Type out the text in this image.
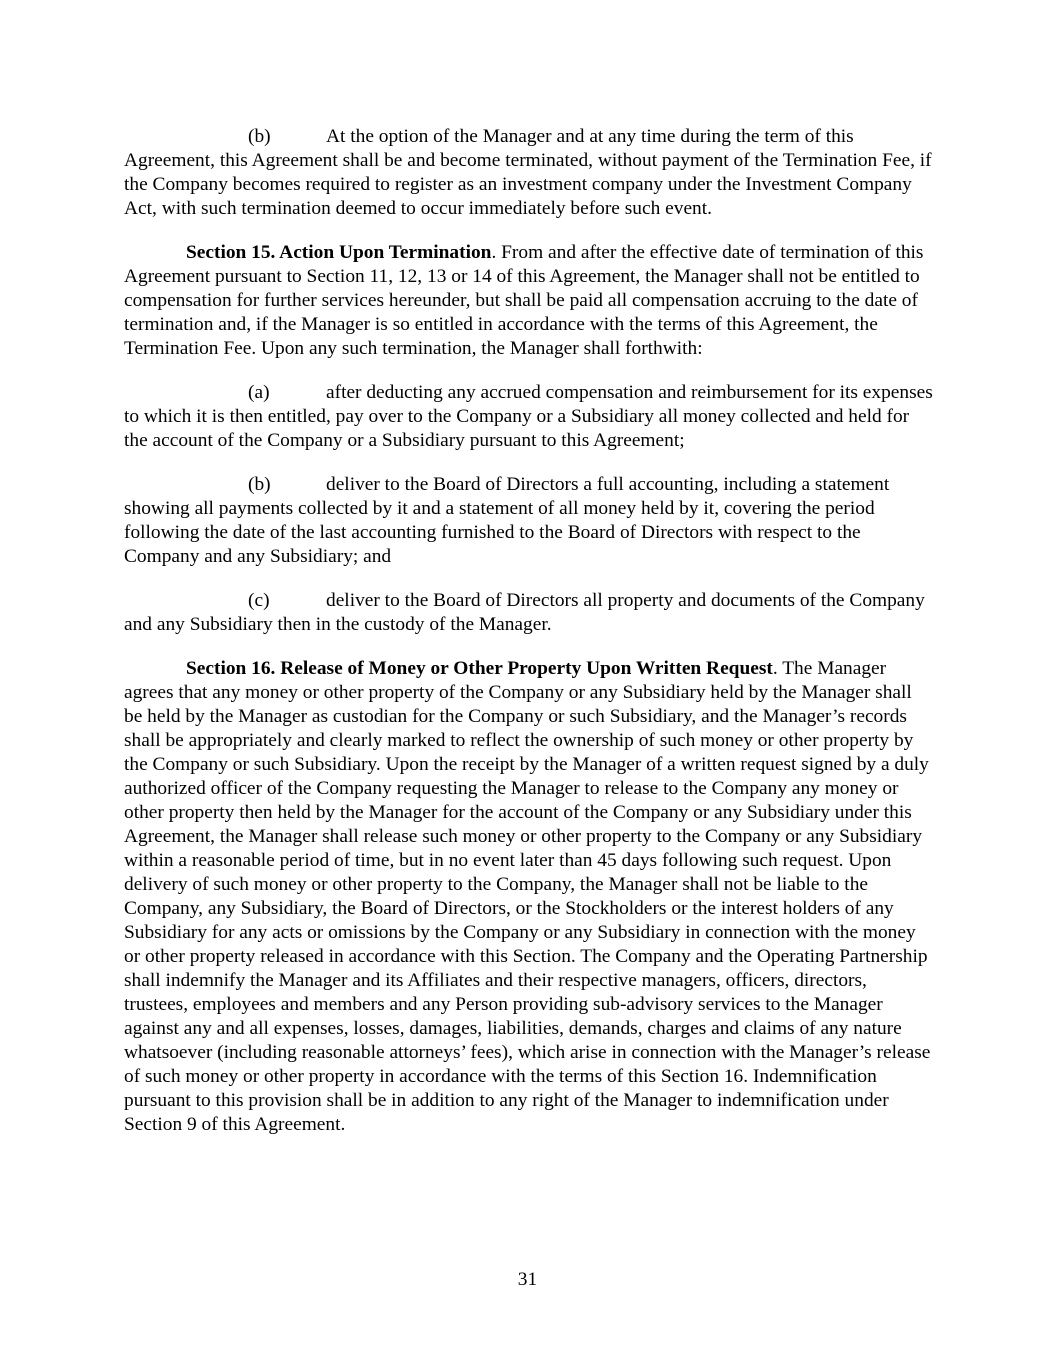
(b)	At the option of the Manager and at any time during the term of this Agreement, this Agreement shall be and become terminated, without payment of the Termination Fee, if the Company becomes required to register as an investment company under the Investment Company Act, with such termination deemed to occur immediately before such event.

Section 15. Action Upon Termination. From and after the effective date of termination of this Agreement pursuant to Section 11, 12, 13 or 14 of this Agreement, the Manager shall not be entitled to compensation for further services hereunder, but shall be paid all compensation accruing to the date of termination and, if the Manager is so entitled in accordance with the terms of this Agreement, the Termination Fee. Upon any such termination, the Manager shall forthwith:

(a)	after deducting any accrued compensation and reimbursement for its expenses to which it is then entitled, pay over to the Company or a Subsidiary all money collected and held for the account of the Company or a Subsidiary pursuant to this Agreement;

(b)	deliver to the Board of Directors a full accounting, including a statement showing all payments collected by it and a statement of all money held by it, covering the period following the date of the last accounting furnished to the Board of Directors with respect to the Company and any Subsidiary; and

(c)	deliver to the Board of Directors all property and documents of the Company and any Subsidiary then in the custody of the Manager.

Section 16. Release of Money or Other Property Upon Written Request. The Manager agrees that any money or other property of the Company or any Subsidiary held by the Manager shall be held by the Manager as custodian for the Company or such Subsidiary, and the Manager’s records shall be appropriately and clearly marked to reflect the ownership of such money or other property by the Company or such Subsidiary. Upon the receipt by the Manager of a written request signed by a duly authorized officer of the Company requesting the Manager to release to the Company any money or other property then held by the Manager for the account of the Company or any Subsidiary under this Agreement, the Manager shall release such money or other property to the Company or any Subsidiary within a reasonable period of time, but in no event later than 45 days following such request. Upon delivery of such money or other property to the Company, the Manager shall not be liable to the Company, any Subsidiary, the Board of Directors, or the Stockholders or the interest holders of any Subsidiary for any acts or omissions by the Company or any Subsidiary in connection with the money or other property released in accordance with this Section. The Company and the Operating Partnership shall indemnify the Manager and its Affiliates and their respective managers, officers, directors, trustees, employees and members and any Person providing sub-advisory services to the Manager against any and all expenses, losses, damages, liabilities, demands, charges and claims of any nature whatsoever (including reasonable attorneys’ fees), which arise in connection with the Manager’s release of such money or other property in accordance with the terms of this Section 16. Indemnification pursuant to this provision shall be in addition to any right of the Manager to indemnification under Section 9 of this Agreement.

31
